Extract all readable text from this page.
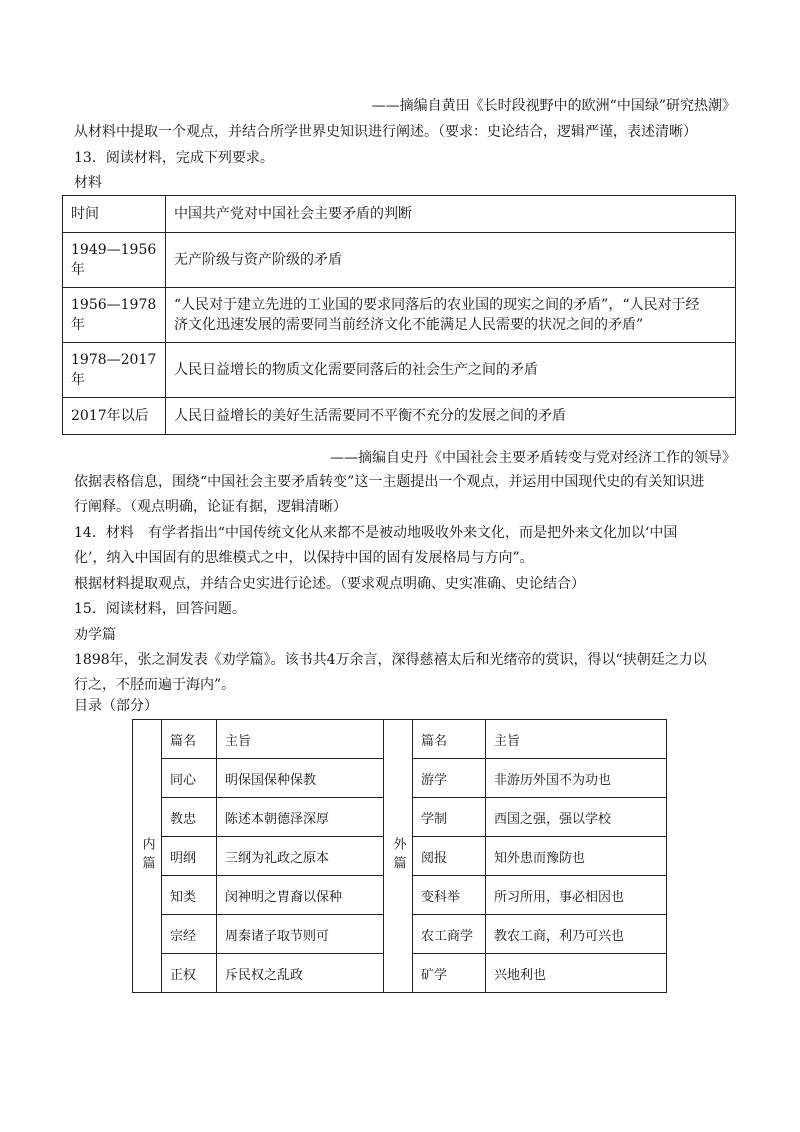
——摘编自黄田《长时段视野中的欧洲“中国绿”研究热潮》
从材料中提取一个观点，并结合所学世界史知识进行阐述。（要求：史论结合，逻辑严谨，表述清晰）
13．阅读材料，完成下列要求。
材料
时间	中国共产党对中国社会主要矛盾的判断
1949—1956年	无产阶级与资产阶级的矛盾
1956—1978年	“人民对于建立先进的工业国的要求同落后的农业国的现实之间的矛盾”，“人民对于经
济文化迅速发展的需要同当前经济文化不能满足人民需要的状况之间的矛盾”

1978—2017年	人民日益增长的物质文化需要同落后的社会生产之间的矛盾
2017年以后	人民日益增长的美好生活需要同不平衡不充分的发展之间的矛盾
——摘编自史丹《中国社会主要矛盾转变与党对经济工作的领导》
依据表格信息，围绕“中国社会主要矛盾转变”这一主题提出一个观点，并运用中国现代史的有关知识进
行阐释。（观点明确，论证有据，逻辑清晰）
14．材料　有学者指出“中国传统文化从来都不是被动地吸收外来文化，而是把外来文化加以‘中国
化’，纳入中国固有的思维模式之中，以保持中国的固有发展格局与方向”。
根据材料提取观点，并结合史实进行论述。（要求观点明确、史实准确、史论结合）
15．阅读材料，回答问题。
劝学篇
1898年，张之洞发表《劝学篇》。该书共4万余言，深得慈禧太后和光绪帝的赏识，得以“挟朝廷之力以
行之，不胫而遍于海内”。
目录（部分）
内篇	篇名	主旨	外篇	篇名	主旨
	同心	明保国保种保教		游学	非游历外国不为功也
	教忠	陈述本朝德泽深厚		学制	西国之强，强以学校
	明纲	三纲为礼政之原本		阅报	知外患而豫防也
	知类	闵神明之胄裔以保种		变科举	所习所用，事必相因也
	宗经	周秦诸子取节则可		农工商学	教农工商，利乃可兴也
	正权	斥民权之乱政		矿学	兴地利也
